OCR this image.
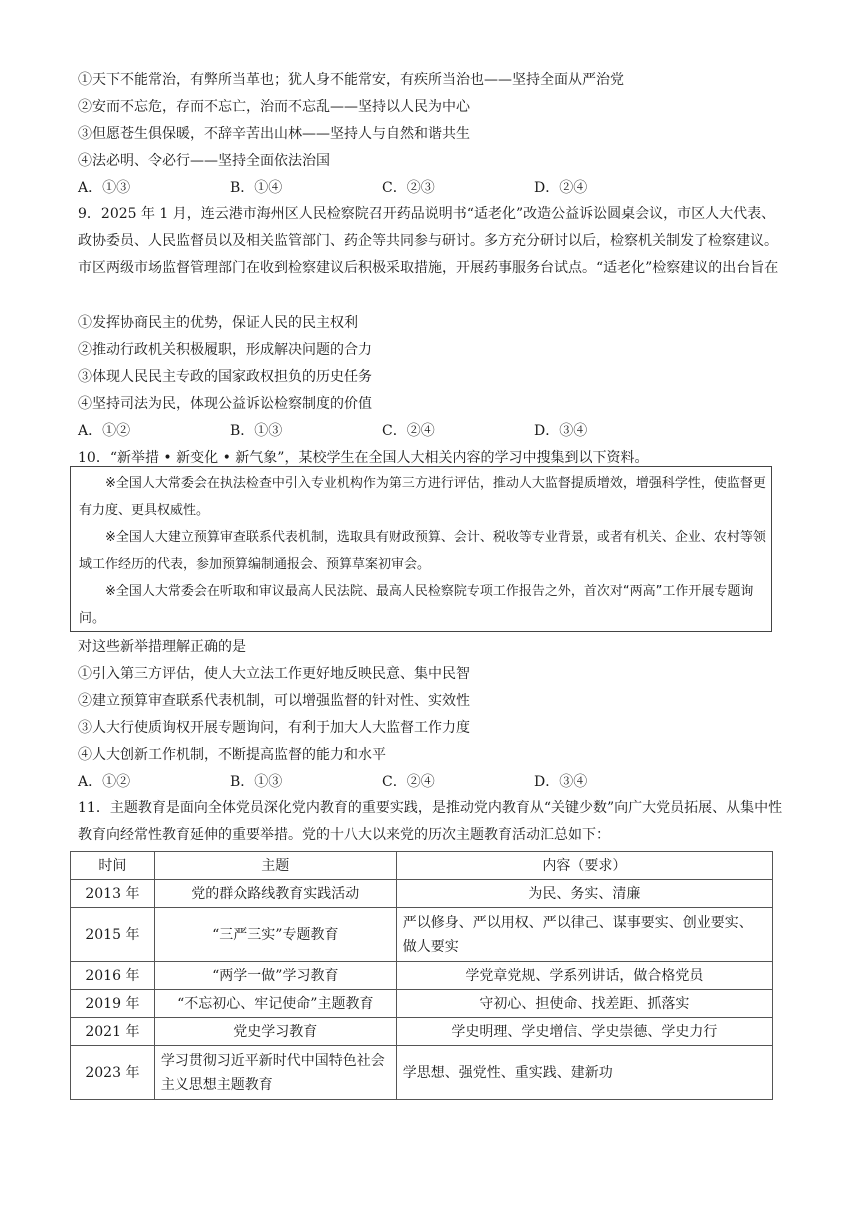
①天下不能常治，有弊所当革也；犹人身不能常安，有疾所当治也——坚持全面从严治党
②安而不忘危，存而不忘亡，治而不忘乱——坚持以人民为中心
③但愿苍生俱保暖，不辞辛苦出山林——坚持人与自然和谐共生
④法必明、令必行——坚持全面依法治国
A．①③	B．①④	C．②③	D．②④
9．2025 年 1 月，连云港市海州区人民检察院召开药品说明书“适老化”改造公益诉讼圆桌会议，市区人大代表、政协委员、人民监督员以及相关监管部门、药企等共同参与研讨。多方充分研讨以后，检察机关制发了检察建议。市区两级市场监督管理部门在收到检察建议后积极采取措施，开展药事服务台试点。“适老化”检察建议的出台旨在
①发挥协商民主的优势，保证人民的民主权利
②推动行政机关积极履职，形成解决问题的合力
③体现人民民主专政的国家政权担负的历史任务
④坚持司法为民，体现公益诉讼检察制度的价值
A．①②	B．①③	C．②④	D．③④
10．“新举措 • 新变化 • 新气象”，某校学生在全国人大相关内容的学习中搜集到以下资料。
※全国人大常委会在执法检查中引入专业机构作为第三方进行评估，推动人大监督提质增效，增强科学性，使监督更有力度、更具权威性。
※全国人大建立预算审查联系代表机制，选取具有财政预算、会计、税收等专业背景，或者有机关、企业、农村等领域工作经历的代表，参加预算编制通报会、预算草案初审会。
※全国人大常委会在听取和审议最高人民法院、最高人民检察院专项工作报告之外，首次对“两高”工作开展专题询问。
对这些新举措理解正确的是
①引入第三方评估，使人大立法工作更好地反映民意、集中民智
②建立预算审查联系代表机制，可以增强监督的针对性、实效性
③人大行使质询权开展专题询问，有利于加大人大监督工作力度
④人大创新工作机制，不断提高监督的能力和水平
A．①②	B．①③	C．②④	D．③④
11．主题教育是面向全体党员深化党内教育的重要实践，是推动党内教育从“关键少数”向广大党员拓展、从集中性教育向经常性教育延伸的重要举措。党的十八大以来党的历次主题教育活动汇总如下：
时间	主题	内容（要求）
2013 年	党的群众路线教育实践活动	为民、务实、清廉
2015 年	“三严三实”专题教育	严以修身、严以用权、严以律己、谋事要实、创业要实、做人要实
2016 年	“两学一做”学习教育	学党章党规、学系列讲话，做合格党员
2019 年	“不忘初心、牢记使命”主题教育	守初心、担使命、找差距、抓落实
2021 年	党史学习教育	学史明理、学史增信、学史崇德、学史力行
2023 年	学习贯彻习近平新时代中国特色社会主义思想主题教育	学思想、强党性、重实践、建新功
